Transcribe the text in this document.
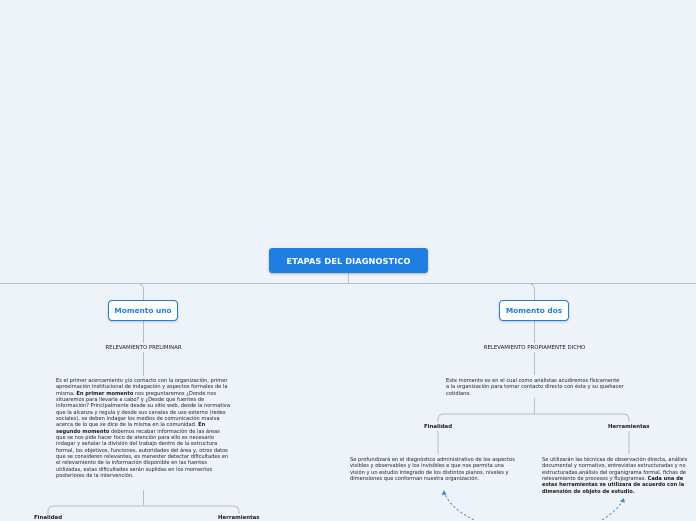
ETAPAS DEL DIAGNOSTICO
Momento uno
RELEVAMIENTO PRELIMINAR
Es el primer acercamiento y/o contacto con la organización, primer aproximación institucional de indagación y aspectos formales de la misma. En primer momento nos preguntaremos ¿Donde nos situaremos para llevarla a cabo? y ¿Desde que fuentes de información? Principalmente desde su sitio web, desde la normativa que la alcanza y regula y desde sus canales de uso externo (redes sociales), se deben indagar los medios de comunicación masiva acerca de lo que se dice de la misma en la comunidad. En segundo momento debemos recabar información de las áreas que se nos pide hacer foco de atención para ello es necesario indagar y señalar la división del trabajo dentro de la estructura formal, los objetivos, funciones, autoridades del área y, otros datos que se consideren relevantes, es menester detectar dificultades en el relevamiento de la información disponible en las fuentes utilizadas, estas dificultades serán suplidas en los momentos posteriores de la intervención.
Finalidad	Herramientas
Momento dos
RELEVAMIENTO PROPIAMENTE DICHO
Este momento es en el cual como analistas acudiremos físicamente a la organización para tomar contacto directo con ésta y su quehacer cotidiano.
Finalidad	Herramientas
Se profundizará en el diagnóstico administrativo de los aspectos visibles y observables y los invisibles e que nos permita una visión y un estudio integrado de los distintos planos, niveles y dimensiones que conforman nuestra organización.
Se utilizarán las técnicas de observación directa, análisis documental y normativo, entrevistas estructuradas y no estructuradas,análisis del organigrama formal, fichas de relevamiento de procesos y flujogramas. Cada una de estas herramientas se utilizara de acuerdo con la dimensión de objeto de estudio.
